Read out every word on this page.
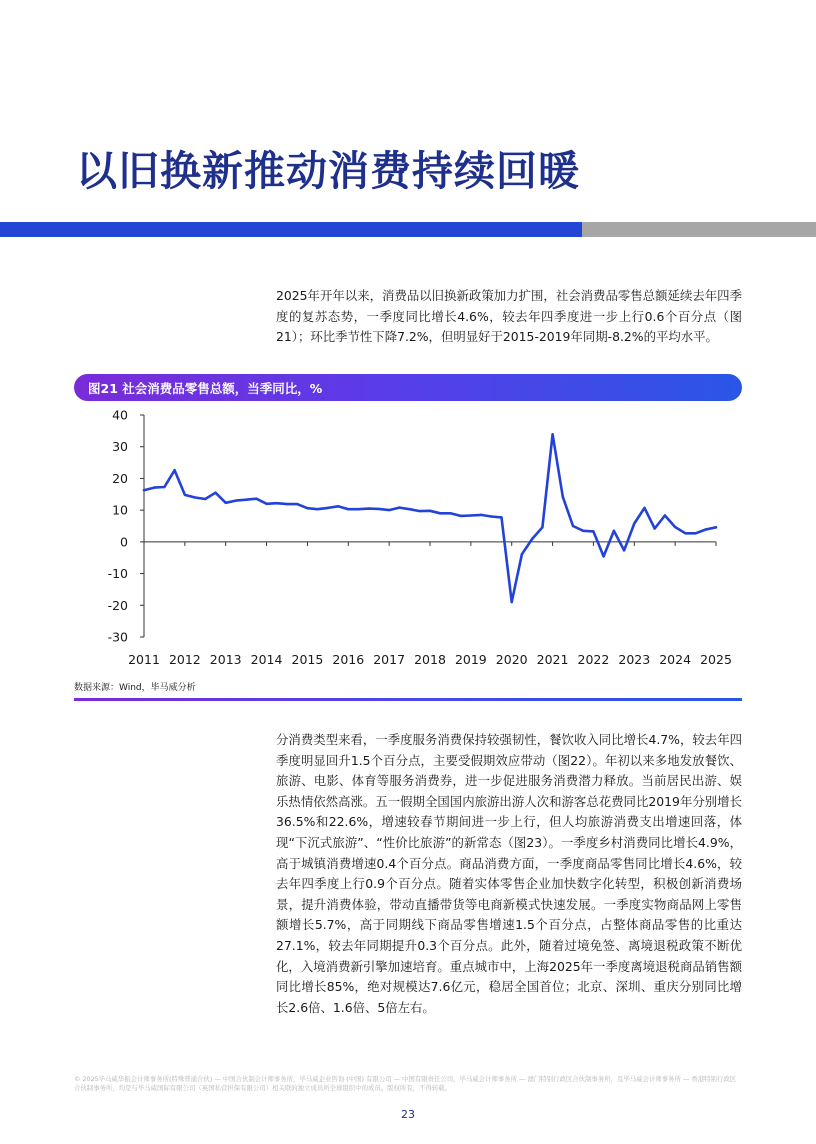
以旧换新推动消费持续回暖

2025年开年以来，消费品以旧换新政策加力扩围，社会消费品零售总额延续去年四季度的复苏态势，一季度同比增长4.6%，较去年四季度进一步上行0.6个百分点（图21）；环比季节性下降7.2%，但明显好于2015-2019年同期-8.2%的平均水平。

图21 社会消费品零售总额，当季同比，%
40
30
20
10
0
-10
-20
-30
2011 2012 2013 2014 2015 2016 2017 2018 2019 2020 2021 2022 2023 2024 2025
数据来源：Wind，毕马威分析

分消费类型来看，一季度服务消费保持较强韧性，餐饮收入同比增长4.7%，较去年四季度明显回升1.5个百分点，主要受假期效应带动（图22）。年初以来多地发放餐饮、旅游、电影、体育等服务消费券，进一步促进服务消费潜力释放。当前居民出游、娱乐热情依然高涨。五一假期全国国内旅游出游人次和游客总花费同比2019年分别增长36.5%和22.6%，增速较春节期间进一步上行，但人均旅游消费支出增速回落，体现“下沉式旅游”、“性价比旅游”的新常态（图23）。一季度乡村消费同比增长4.9%，高于城镇消费增速0.4个百分点。商品消费方面，一季度商品零售同比增长4.6%，较去年四季度上行0.9个百分点。随着实体零售企业加快数字化转型，积极创新消费场景，提升消费体验，带动直播带货等电商新模式快速发展。一季度实物商品网上零售额增长5.7%，高于同期线下商品零售增速1.5个百分点，占整体商品零售的比重达27.1%，较去年同期提升0.3个百分点。此外，随着过境免签、离境退税政策不断优化，入境消费新引擎加速培育。重点城市中，上海2025年一季度离境退税商品销售额同比增长85%，绝对规模达7.6亿元，稳居全国首位；北京、深圳、重庆分别同比增长2.6倍、1.6倍、5倍左右。

© 2025毕马威华振会计师事务所(特殊普通合伙) — 中国合伙制会计师事务所，毕马威企业咨询 (中国) 有限公司 — 中国有限责任公司，毕马威会计师事务所 — 澳门特别行政区合伙制事务所，及毕马威会计师事务所 — 香港特别行政区合伙制事务所，均是与毕马威国际有限公司（英国私营担保有限公司）相关联的独立成员所全球组织中的成员。版权所有，不得转载。

23
